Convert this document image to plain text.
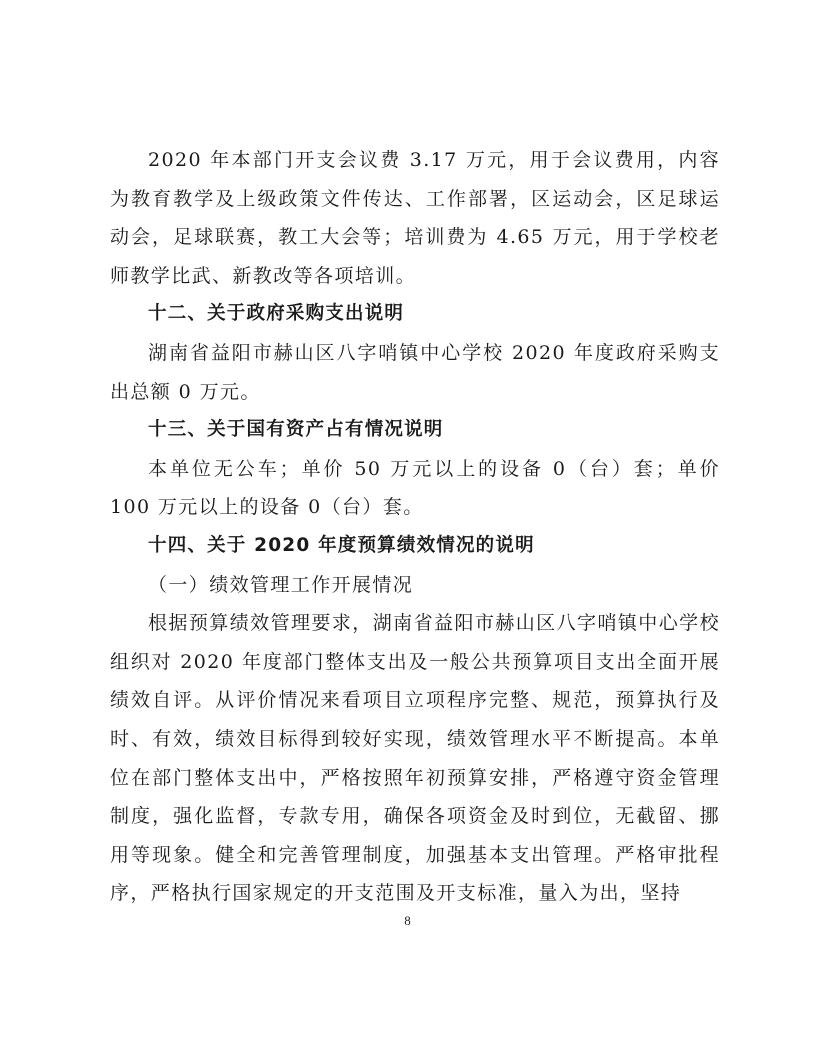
2020 年本部门开支会议费 3.17 万元，用于会议费用，内容为教育教学及上级政策文件传达、工作部署，区运动会，区足球运动会，足球联赛，教工大会等；培训费为 4.65 万元，用于学校老师教学比武、新教改等各项培训。

十二、关于政府采购支出说明

湖南省益阳市赫山区八字哨镇中心学校 2020 年度政府采购支出总额 0 万元。

十三、关于国有资产占有情况说明

本单位无公车；单价 50 万元以上的设备 0（台）套；单价 100 万元以上的设备 0（台）套。

十四、关于 2020 年度预算绩效情况的说明

（一）绩效管理工作开展情况

根据预算绩效管理要求，湖南省益阳市赫山区八字哨镇中心学校组织对 2020 年度部门整体支出及一般公共预算项目支出全面开展绩效自评。从评价情况来看项目立项程序完整、规范，预算执行及时、有效，绩效目标得到较好实现，绩效管理水平不断提高。本单位在部门整体支出中，严格按照年初预算安排，严格遵守资金管理制度，强化监督，专款专用，确保各项资金及时到位，无截留、挪用等现象。健全和完善管理制度，加强基本支出管理。严格审批程序，严格执行国家规定的开支范围及开支标准，量入为出，坚持

8
